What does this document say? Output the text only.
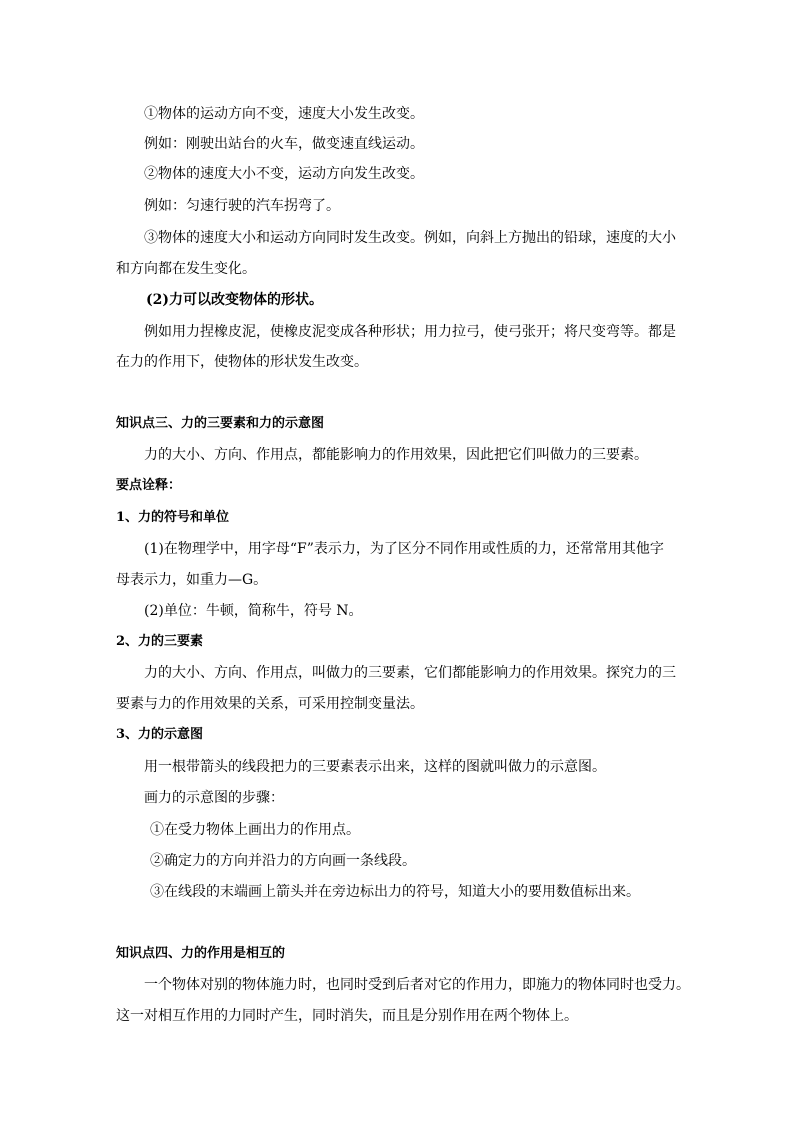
①物体的运动方向不变，速度大小发生改变。

例如：刚驶出站台的火车，做变速直线运动。

②物体的速度大小不变，运动方向发生改变。

例如：匀速行驶的汽车拐弯了。

③物体的速度大小和运动方向同时发生改变。例如，向斜上方抛出的铅球，速度的大小

和方向都在发生变化。

(2)力可以改变物体的形状。

例如用力捏橡皮泥，使橡皮泥变成各种形状；用力拉弓，使弓张开；将尺变弯等。都是

在力的作用下，使物体的形状发生改变。

知识点三、力的三要素和力的示意图

力的大小、方向、作用点，都能影响力的作用效果，因此把它们叫做力的三要素。

要点诠释：

1、力的符号和单位

(1)在物理学中，用字母“F”表示力，为了区分不同作用或性质的力，还常常用其他字

母表示力，如重力—G。

(2)单位：牛顿，简称牛，符号 N。

2、力的三要素

力的大小、方向、作用点，叫做力的三要素，它们都能影响力的作用效果。探究力的三

要素与力的作用效果的关系，可采用控制变量法。

3、力的示意图

用一根带箭头的线段把力的三要素表示出来，这样的图就叫做力的示意图。

画力的示意图的步骤：

①在受力物体上画出力的作用点。

②确定力的方向并沿力的方向画一条线段。

③在线段的末端画上箭头并在旁边标出力的符号，知道大小的要用数值标出来。

知识点四、力的作用是相互的

一个物体对别的物体施力时，也同时受到后者对它的作用力，即施力的物体同时也受力。

这一对相互作用的力同时产生，同时消失，而且是分别作用在两个物体上。
